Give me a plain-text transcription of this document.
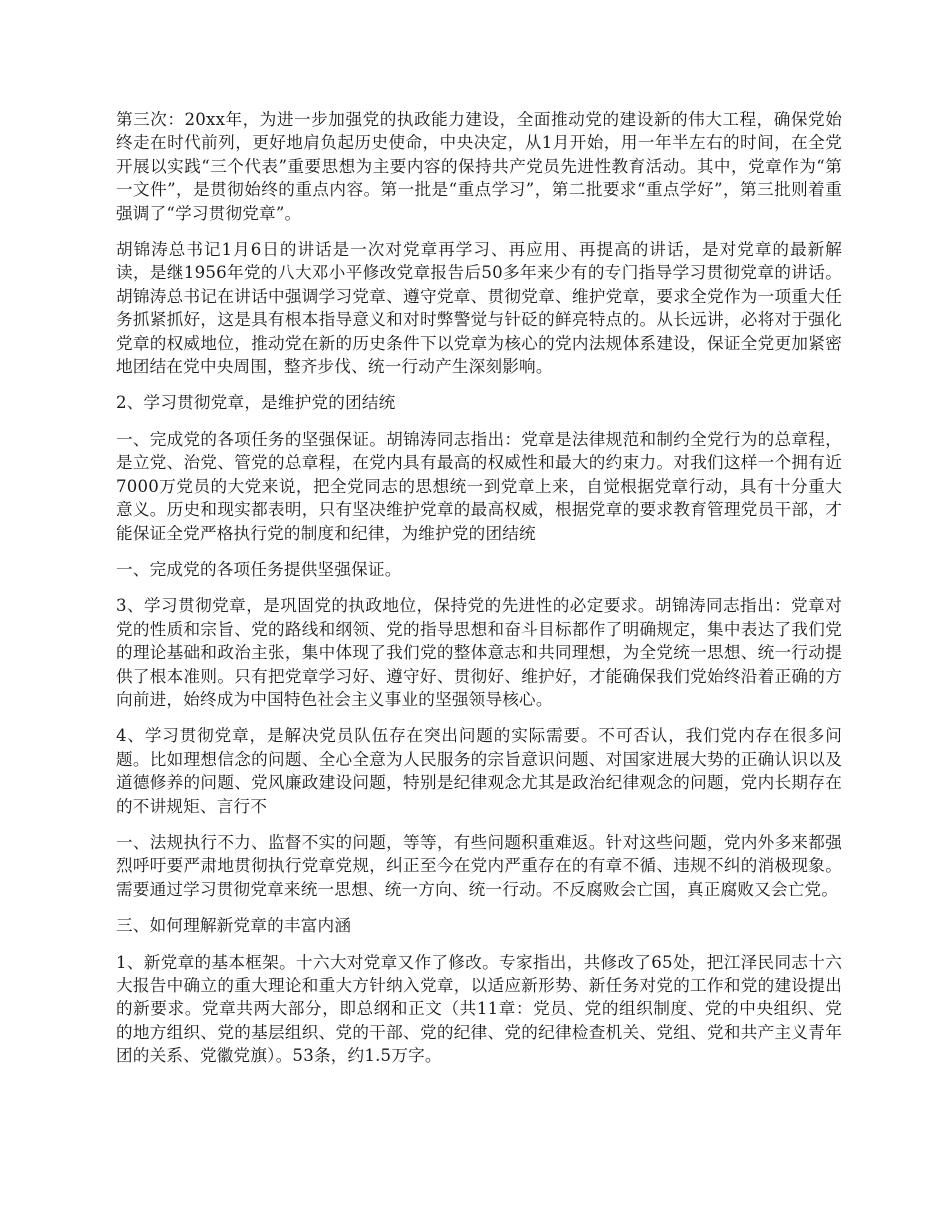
第三次：20xx年，为进一步加强党的执政能力建设，全面推动党的建设新的伟大工程，确保党始终走在时代前列，更好地肩负起历史使命，中央决定，从1月开始，用一年半左右的时间，在全党开展以实践“三个代表”重要思想为主要内容的保持共产党员先进性教育活动。其中，党章作为“第一文件”，是贯彻始终的重点内容。第一批是“重点学习”，第二批要求“重点学好”，第三批则着重强调了“学习贯彻党章”。

胡锦涛总书记1月6日的讲话是一次对党章再学习、再应用、再提高的讲话，是对党章的最新解读，是继1956年党的八大邓小平修改党章报告后50多年来少有的专门指导学习贯彻党章的讲话。胡锦涛总书记在讲话中强调学习党章、遵守党章、贯彻党章、维护党章，要求全党作为一项重大任务抓紧抓好，这是具有根本指导意义和对时弊警觉与针砭的鲜亮特点的。从长远讲，必将对于强化党章的权威地位，推动党在新的历史条件下以党章为核心的党内法规体系建设，保证全党更加紧密地团结在党中央周围，整齐步伐、统一行动产生深刻影响。

2、学习贯彻党章，是维护党的团结统

一、完成党的各项任务的坚强保证。胡锦涛同志指出：党章是法律规范和制约全党行为的总章程，是立党、治党、管党的总章程，在党内具有最高的权威性和最大的约束力。对我们这样一个拥有近7000万党员的大党来说，把全党同志的思想统一到党章上来，自觉根据党章行动，具有十分重大意义。历史和现实都表明，只有坚决维护党章的最高权威，根据党章的要求教育管理党员干部，才能保证全党严格执行党的制度和纪律，为维护党的团结统

一、完成党的各项任务提供坚强保证。

3、学习贯彻党章，是巩固党的执政地位，保持党的先进性的必定要求。胡锦涛同志指出：党章对党的性质和宗旨、党的路线和纲领、党的指导思想和奋斗目标都作了明确规定，集中表达了我们党的理论基础和政治主张，集中体现了我们党的整体意志和共同理想，为全党统一思想、统一行动提供了根本准则。只有把党章学习好、遵守好、贯彻好、维护好，才能确保我们党始终沿着正确的方向前进，始终成为中国特色社会主义事业的坚强领导核心。

4、学习贯彻党章，是解决党员队伍存在突出问题的实际需要。不可否认，我们党内存在很多问题。比如理想信念的问题、全心全意为人民服务的宗旨意识问题、对国家进展大势的正确认识以及道德修养的问题、党风廉政建设问题，特别是纪律观念尤其是政治纪律观念的问题，党内长期存在的不讲规矩、言行不

一、法规执行不力、监督不实的问题，等等，有些问题积重难返。针对这些问题，党内外多来都强烈呼吁要严肃地贯彻执行党章党规，纠正至今在党内严重存在的有章不循、违规不纠的消极现象。需要通过学习贯彻党章来统一思想、统一方向、统一行动。不反腐败会亡国，真正腐败又会亡党。

三、如何理解新党章的丰富内涵

1、新党章的基本框架。十六大对党章又作了修改。专家指出，共修改了65处，把江泽民同志十六大报告中确立的重大理论和重大方针纳入党章，以适应新形势、新任务对党的工作和党的建设提出的新要求。党章共两大部分，即总纲和正文（共11章：党员、党的组织制度、党的中央组织、党的地方组织、党的基层组织、党的干部、党的纪律、党的纪律检查机关、党组、党和共产主义青年团的关系、党徽党旗）。53条，约1.5万字。
